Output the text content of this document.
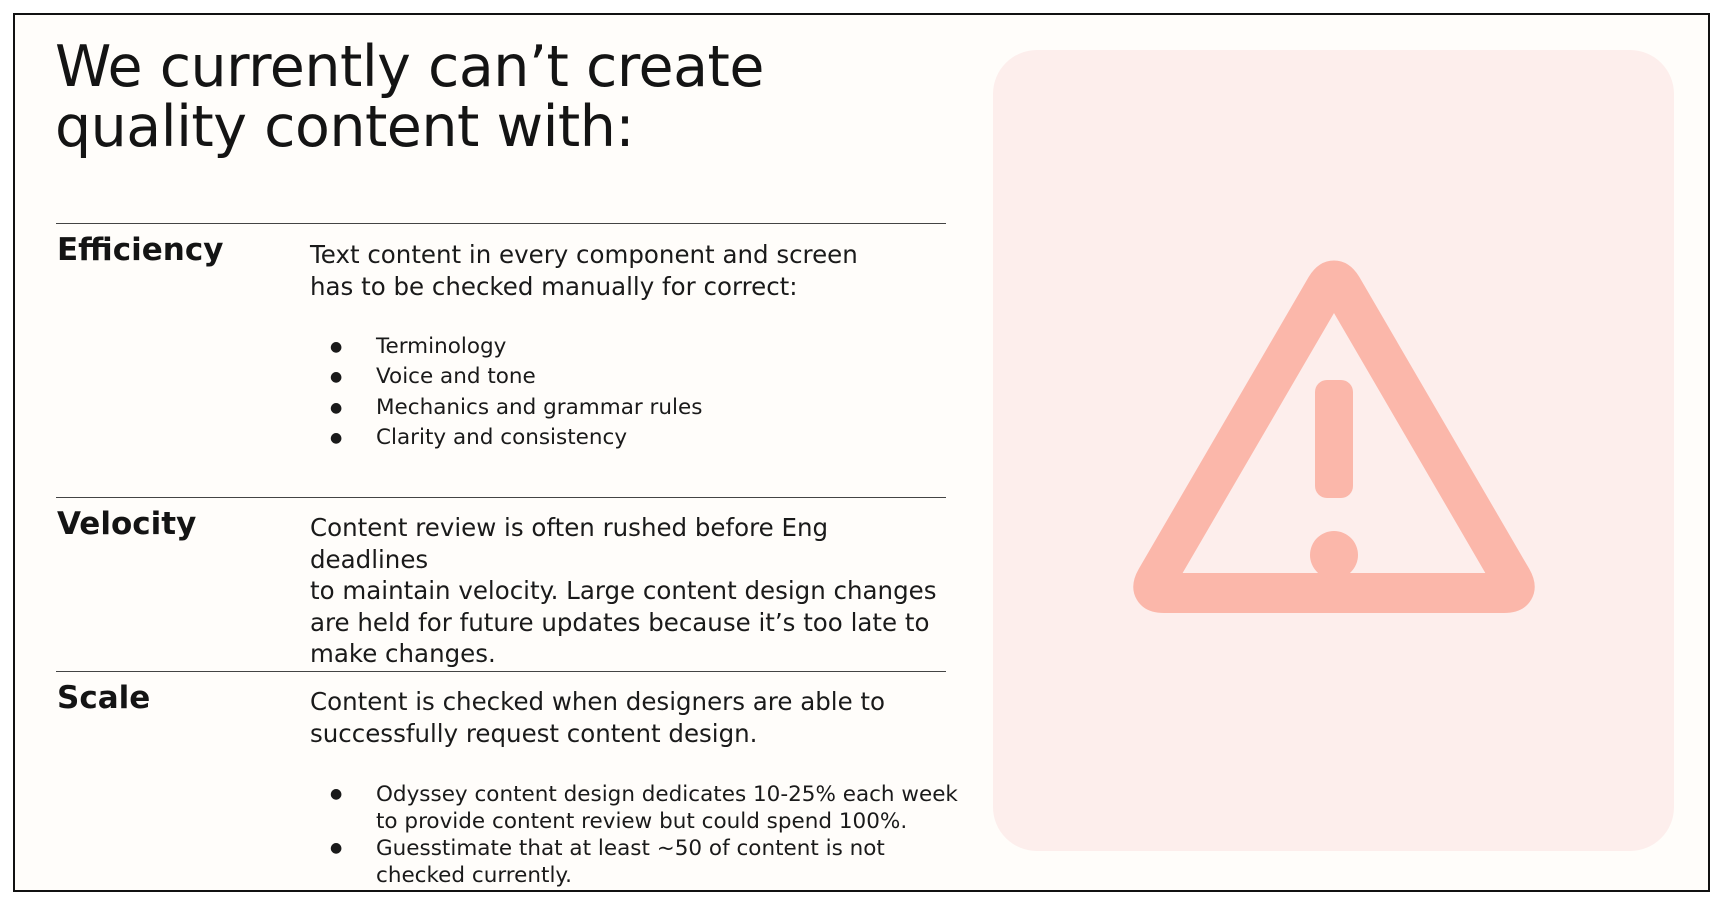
We currently can’t create
quality content with:
Efficiency	Text content in every component and screen
has to be checked manually for correct:

● Terminology
● Voice and tone
● Mechanics and grammar rules
● Clarity and consistency
Velocity	Content review is often rushed before Eng deadlines
to maintain velocity. Large content design changes
are held for future updates because it’s too late to
make changes.

Scale	Content is checked when designers are able to
successfully request content design.

● Odyssey content design dedicates 10-25% each week
to provide content review but could spend 100%.
● Guesstimate that at least ~50 of content is not
checked currently.
